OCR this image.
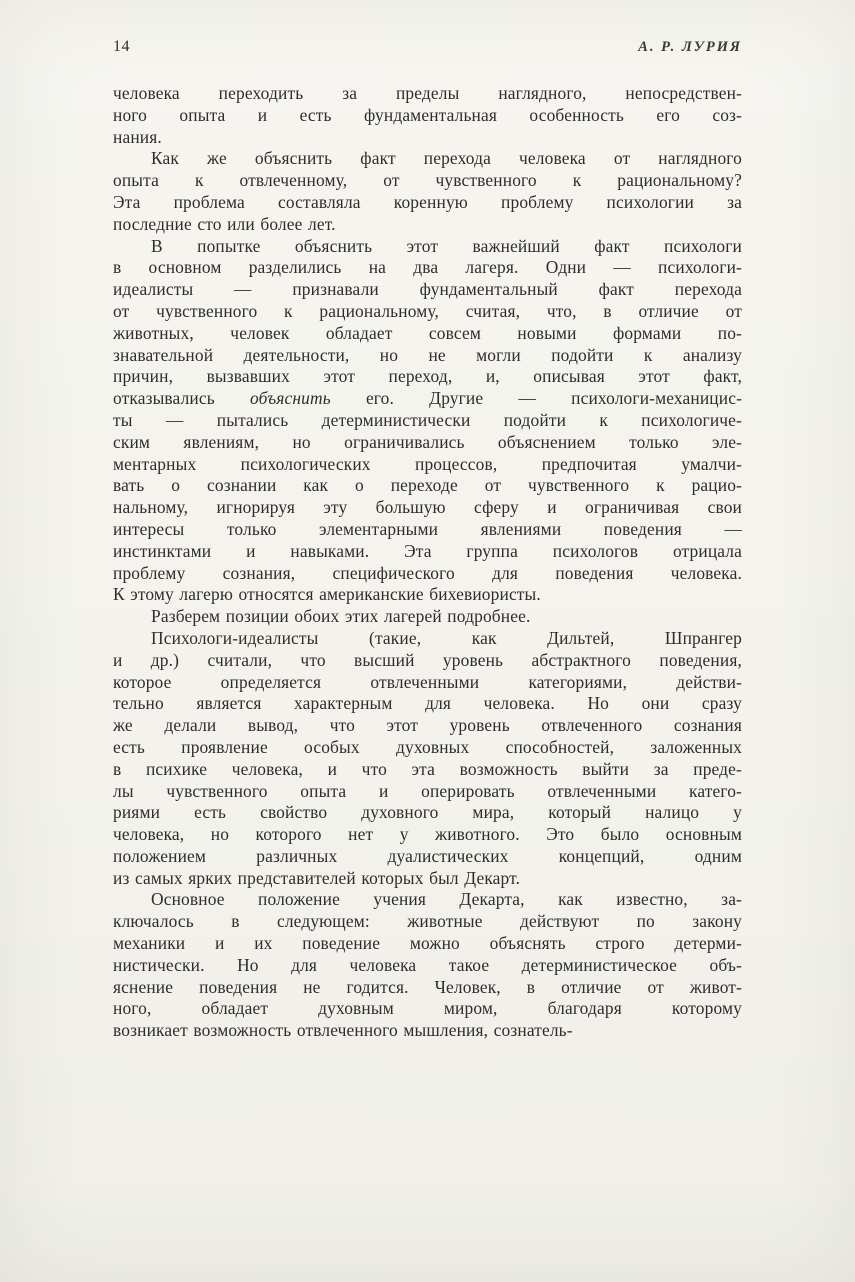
14	А. Р. ЛУРИЯ
человека переходить за пределы наглядного, непосредствен-
ного опыта и есть фундаментальная особенность его соз-
нания.
Как же объяснить факт перехода человека от наглядного
опыта к отвлеченному, от чувственного к рациональному?
Эта проблема составляла коренную проблему психологии за
последние сто или более лет.
В попытке объяснить этот важнейший факт психологи
в основном разделились на два лагеря. Одни — психологи-
идеалисты — признавали фундаментальный факт перехода
от чувственного к рациональному, считая, что, в отличие от
животных, человек обладает совсем новыми формами по-
знавательной деятельности, но не могли подойти к анализу
причин, вызвавших этот переход, и, описывая этот факт,
отказывались объяснить его. Другие — психологи-механицис-
ты — пытались детерминистически подойти к психологиче-
ским явлениям, но ограничивались объяснением только эле-
ментарных психологических процессов, предпочитая умалчи-
вать о сознании как о переходе от чувственного к рацио-
нальному, игнорируя эту большую сферу и ограничивая свои
интересы только элементарными явлениями поведения —
инстинктами и навыками. Эта группа психологов отрицала
проблему сознания, специфического для поведения человека.
К этому лагерю относятся американские бихевиористы.
Разберем позиции обоих этих лагерей подробнее.
Психологи-идеалисты (такие, как Дильтей, Шпрангер
и др.) считали, что высший уровень абстрактного поведения,
которое определяется отвлеченными категориями, действи-
тельно является характерным для человека. Но они сразу
же делали вывод, что этот уровень отвлеченного сознания
есть проявление особых духовных способностей, заложенных
в психике человека, и что эта возможность выйти за преде-
лы чувственного опыта и оперировать отвлеченными катего-
риями есть свойство духовного мира, который налицо у
человека, но которого нет у животного. Это было основным
положением различных дуалистических концепций, одним
из самых ярких представителей которых был Декарт.
Основное положение учения Декарта, как известно, за-
ключалось в следующем: животные действуют по закону
механики и их поведение можно объяснять строго детерми-
нистически. Но для человека такое детерминистическое объ-
яснение поведения не годится. Человек, в отличие от живот-
ного, обладает духовным миром, благодаря которому
возникает возможность отвлеченного мышления, сознатель-
